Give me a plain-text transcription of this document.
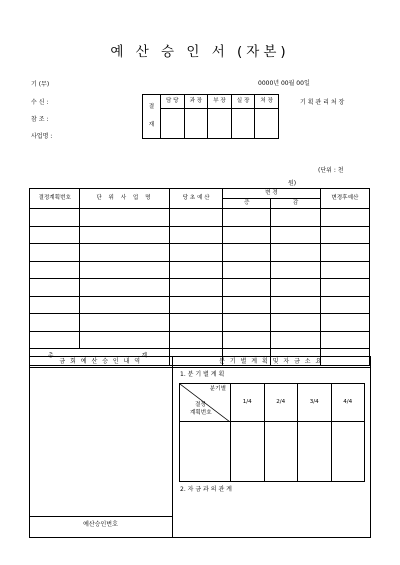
예 산 승 인 서 (자본)
기 (무)	0000년 00월 00일
수 신 :
참 조 :
사업명 :
결
재	담 당	과 장	부 장	실 장	처 장
					기 획 관 리 처 장
(단위 : 천
원)
결정계획번호	단 위 사 업 명	당 초 예 산	변 경		변경후예산
			증	감	

총 계					

금 회 예 산 승 인 내 역	분 기 별 계 획 및 자 금 소 요
1. 분 기 별 계 획
분기별
결정
계획번호	1/4	2/4	3/4	4/4

2. 자 금 과 의 관 계
예산승인번호
